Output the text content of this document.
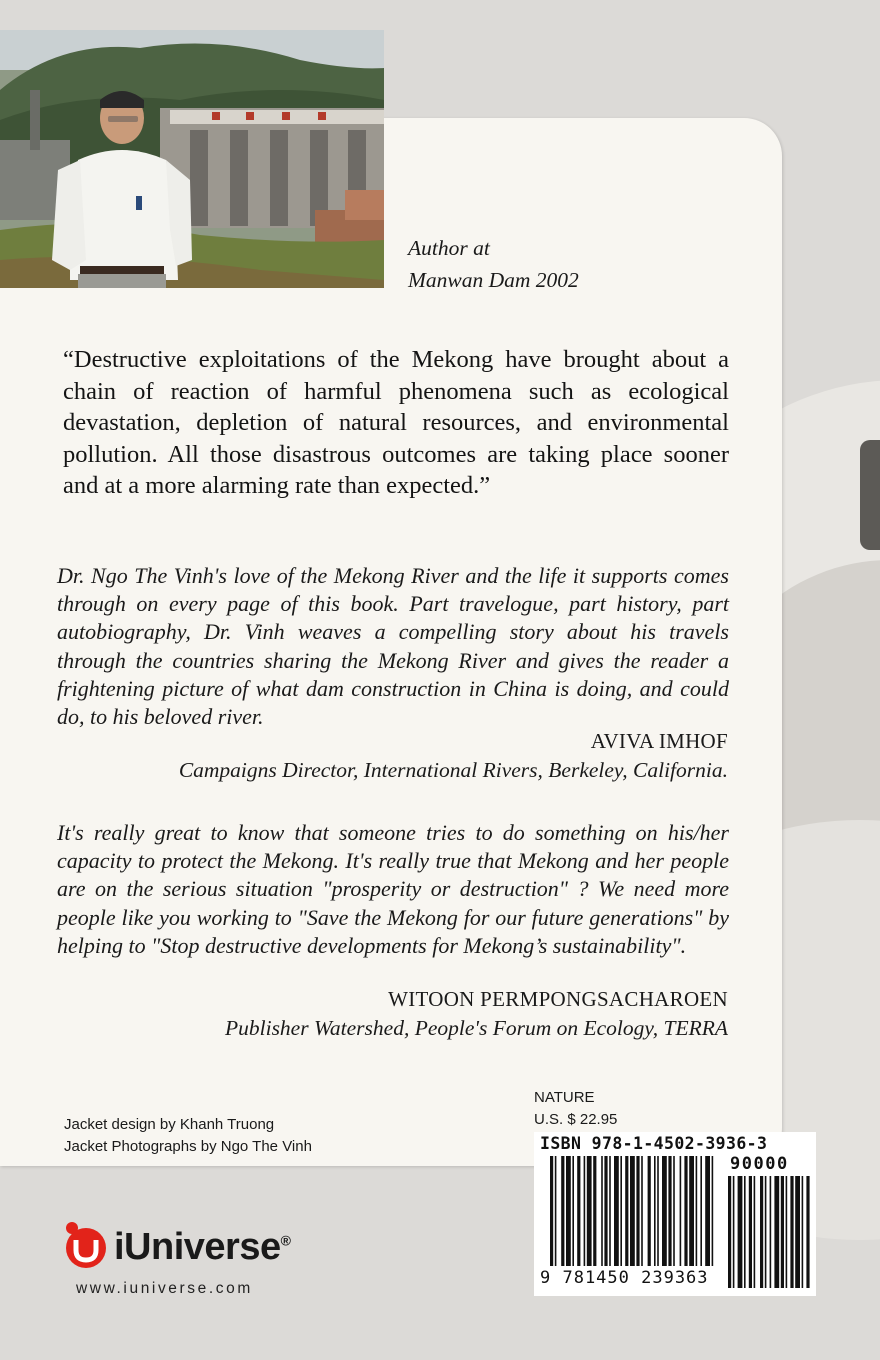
Author at
Manwan Dam 2002
“Destructive exploitations of the Mekong have brought about a chain of reaction of harmful phenomena such as ecological devastation, depletion of natural resources, and environmental pollution. All those disastrous outcomes are taking place sooner and at a more alarming rate than expected.”
Dr. Ngo The Vinh's love of the Mekong River and the life it supports comes through on every page of this book. Part travelogue, part history, part autobiography, Dr. Vinh weaves a compelling story about his travels through the countries sharing the Mekong River and gives the reader a frightening picture of what dam construction in China is doing, and could do, to his beloved river.
AVIVA IMHOF
Campaigns Director, International Rivers, Berkeley, California.
It's really great to know that someone tries to do something on his/her capacity to protect the Mekong. It's really true that Mekong and her people are on the serious situation "prosperity or destruction" ? We need more people like you working to "Save the Mekong for our future generations" by helping to "Stop destructive developments for Mekong’s sustainability".
WITOON PERMPONGSACHAROEN
Publisher Watershed, People's Forum on Ecology, TERRA
Jacket design by Khanh Truong
Jacket Photographs by Ngo The Vinh
NATURE
U.S. $ 22.95
ISBN 978-1-4502-3936-3
90000
9 781450 239363
iUniverse®
www.iuniverse.com
